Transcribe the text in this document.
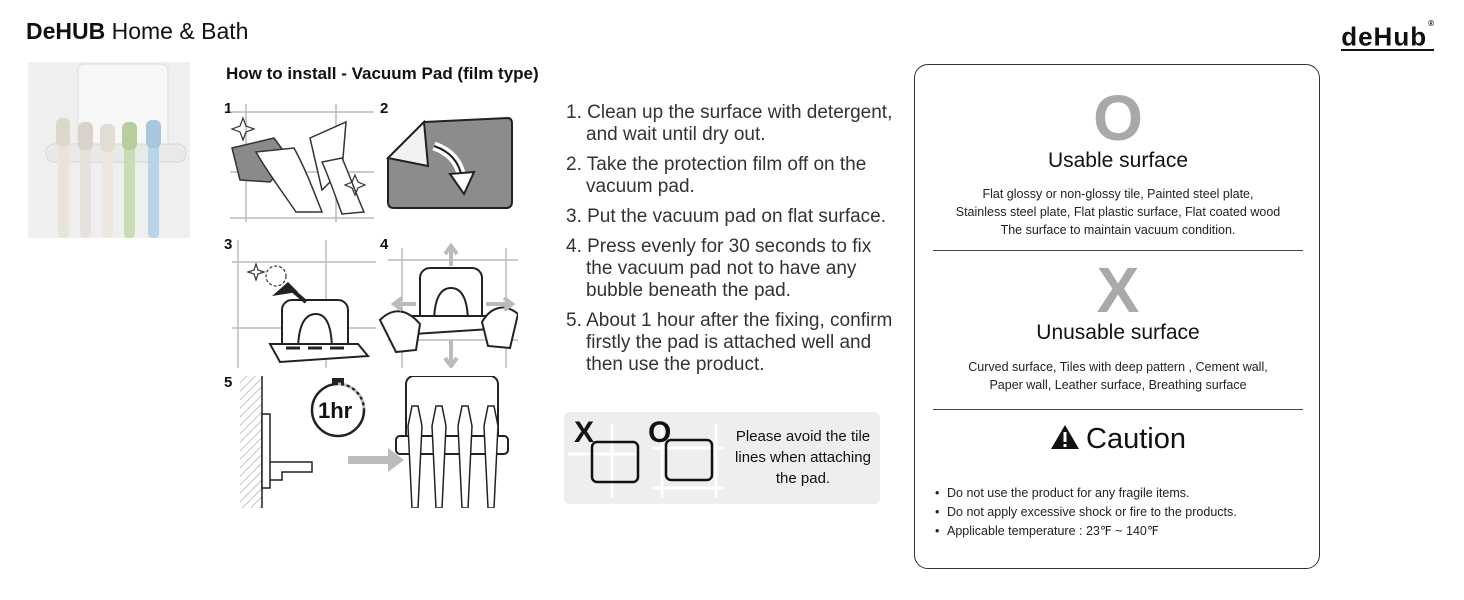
DeHUB Home & Bath	deHub®
How to install - Vacuum Pad (film type)
1	2
3	4
5
1hr
1. Clean up the surface with detergent, and wait until dry out.
2. Take the protection film off on the vacuum pad.
3. Put the vacuum pad on flat surface.
4. Press evenly for 30 seconds to fix the vacuum pad not to have any bubble beneath the pad.
5. About 1 hour after the fixing, confirm firstly the pad is attached well and then use the product.
X O	Please avoid the tile lines when attaching the pad.
O
Usable surface
Flat glossy or non-glossy tile, Painted steel plate,
Stainless steel plate, Flat plastic surface, Flat coated wood
The surface to maintain vacuum condition.
X
Unusable surface
Curved surface, Tiles with deep pattern , Cement wall,
Paper wall, Leather surface, Breathing surface
Caution
• Do not use the product for any fragile items.
• Do not apply excessive shock or fire to the products.
• Applicable temperature : 23℉ ~ 140℉
